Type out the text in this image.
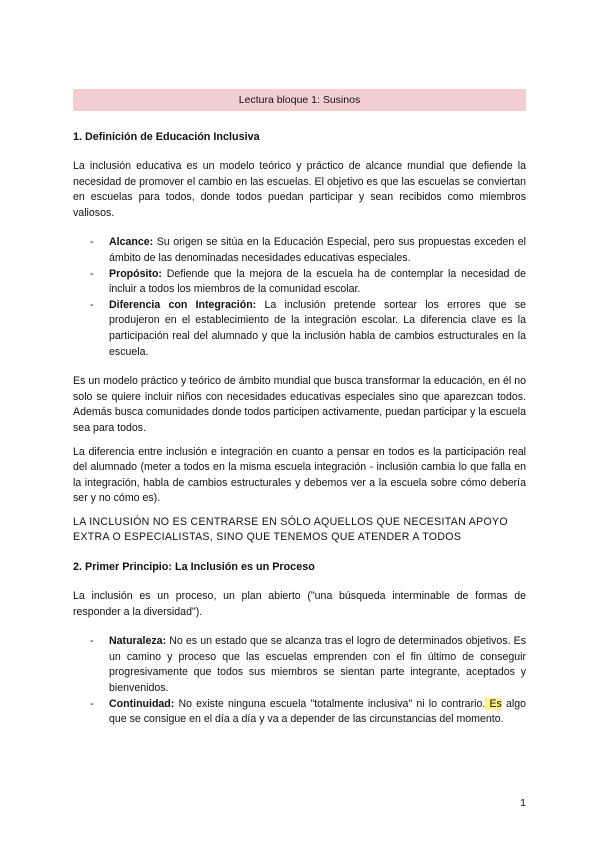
Lectura bloque 1: Susinos
1. Definición de Educación Inclusiva

La inclusión educativa es un modelo teórico y práctico de alcance mundial que defiende la necesidad de promover el cambio en las escuelas. El objetivo es que las escuelas se conviertan en escuelas para todos, donde todos puedan participar y sean recibidos como miembros valiosos.

- Alcance: Su origen se sitúa en la Educación Especial, pero sus propuestas exceden el ámbito de las denominadas necesidades educativas especiales.
- Propósito: Defiende que la mejora de la escuela ha de contemplar la necesidad de incluir a todos los miembros de la comunidad escolar.
- Diferencia con Integración: La inclusión pretende sortear los errores que se produjeron en el establecimiento de la integración escolar. La diferencia clave es la participación real del alumnado y que la inclusión habla de cambios estructurales en la escuela.

Es un modelo práctico y teórico de ámbito mundial que busca transformar la educación, en él no solo se quiere incluir niños con necesidades educativas especiales sino que aparezcan todos. Además busca comunidades donde todos participen activamente, puedan participar y la escuela sea para todos.

La diferencia entre inclusión e integración en cuanto a pensar en todos es la participación real del alumnado (meter a todos en la misma escuela integración - inclusión cambia lo que falla en la integración, habla de cambios estructurales y debemos ver a la escuela sobre cómo debería ser y no cómo es).

LA INCLUSIÓN NO ES CENTRARSE EN SÓLO AQUELLOS QUE NECESITAN APOYO EXTRA O ESPECIALISTAS, SINO QUE TENEMOS QUE ATENDER A TODOS

2. Primer Principio: La Inclusión es un Proceso

La inclusión es un proceso, un plan abierto ("una búsqueda interminable de formas de responder a la diversidad").

- Naturaleza: No es un estado que se alcanza tras el logro de determinados objetivos. Es un camino y proceso que las escuelas emprenden con el fin último de conseguir progresivamente que todos sus miembros se sientan parte integrante, aceptados y bienvenidos.
- Continuidad: No existe ninguna escuela "totalmente inclusiva" ni lo contrario. Es algo que se consigue en el día a día y va a depender de las circunstancias del momento.
1
